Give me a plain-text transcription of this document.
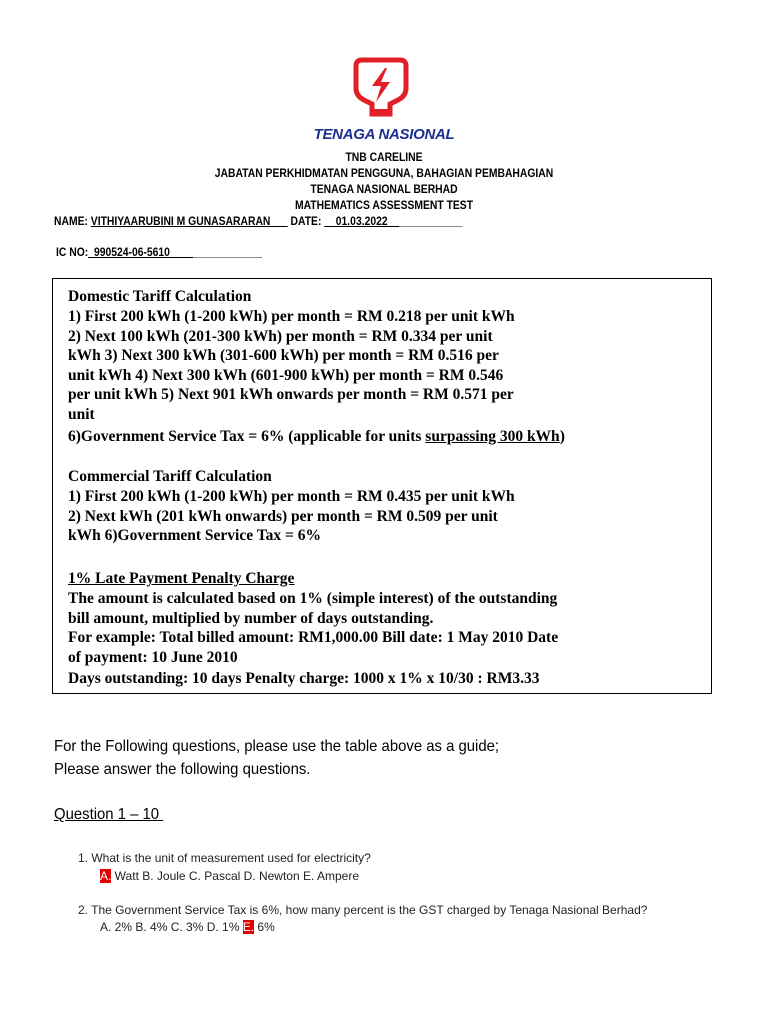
TENAGA NASIONAL
TNB CARELINE
JABATAN PERKHIDMATAN PENGGUNA, BAHAGIAN PEMBAHAGIAN
TENAGA NASIONAL BERHAD
MATHEMATICS ASSESSMENT TEST
NAME: VITHIYAARUBINI M GUNASARARAN___ DATE: __01.03.2022_____________
IC NO:_990524-06-5610________________
Domestic Tariff Calculation
1) First 200 kWh (1-200 kWh) per month = RM 0.218 per unit kWh
2) Next 100 kWh (201-300 kWh) per month = RM 0.334 per unit
kWh 3) Next 300 kWh (301-600 kWh) per month = RM 0.516 per
unit kWh 4) Next 300 kWh (601-900 kWh) per month = RM 0.546
per unit kWh 5) Next 901 kWh onwards per month = RM 0.571 per
unit
6)Government Service Tax = 6% (applicable for units surpassing 300 kWh)
Commercial Tariff Calculation
1) First 200 kWh (1-200 kWh) per month = RM 0.435 per unit kWh
2) Next kWh (201 kWh onwards) per month = RM 0.509 per unit
kWh 6)Government Service Tax = 6%
1% Late Payment Penalty Charge
The amount is calculated based on 1% (simple interest) of the outstanding
bill amount, multiplied by number of days outstanding.
For example: Total billed amount: RM1,000.00 Bill date: 1 May 2010 Date
of payment: 10 June 2010
Days outstanding: 10 days Penalty charge: 1000 x 1% x 10/30 : RM3.33
For the Following questions, please use the table above as a guide;
Please answer the following questions.
Question 1 – 10
1. What is the unit of measurement used for electricity?
A. Watt B. Joule C. Pascal D. Newton E. Ampere
2. The Government Service Tax is 6%, how many percent is the GST charged by Tenaga Nasional Berhad?
A. 2% B. 4% C. 3% D. 1% E. 6%
